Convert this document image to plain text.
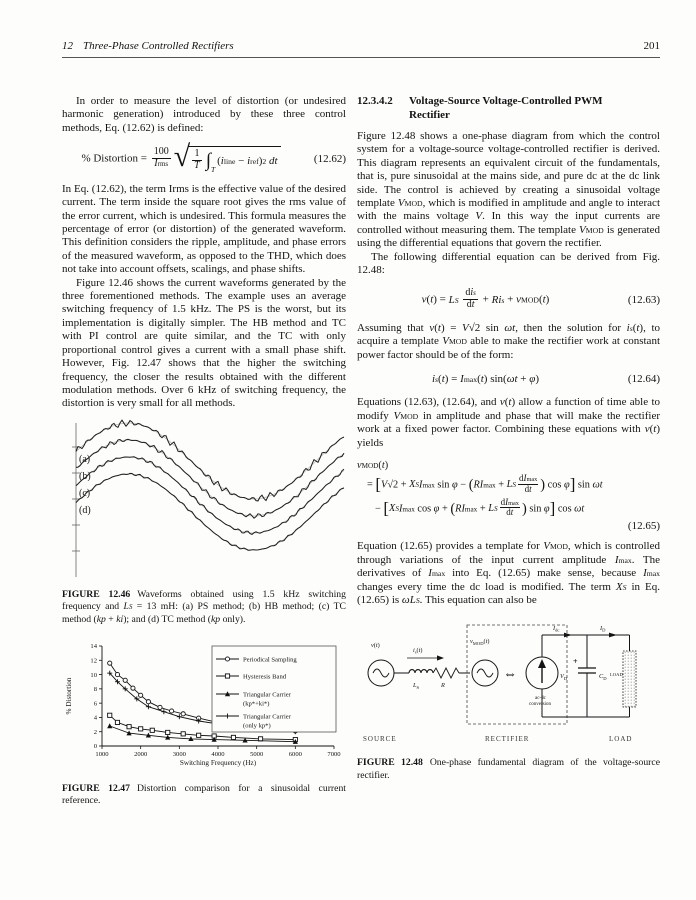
12 Three-Phase Controlled Rectifiers	201

In order to measure the level of distortion (or undesired harmonic generation) introduced by these three control methods, Eq. (12.62) is defined:

% Distortion = $\frac{100}{I_{rms}}$ √ $\frac{1}{T}$ ∫ T
$(i_{line} - i_{ref})^2$ dt	(12.62)

In Eq. (12.62), the term Irms is the effective value of the desired current. The term inside the square root gives the rms value of the error current, which is undesired. This formula measures the percentage of error (or distortion) of the generated waveform. This definition considers the ripple, amplitude, and phase errors of the measured waveform, as opposed to the THD, which does not take into account offsets, scalings, and phase shifts.

Figure 12.46 shows the current waveforms generated by the three forementioned methods. The example uses an average switching frequency of 1.5 kHz. The PS is the worst, but its implementation is digitally simpler. The HB method and TC with PI control are quite similar, and the TC with only proportional control gives a current with a small phase shift. However, Fig. 12.47 shows that the higher the switching frequency, the closer the results obtained with the different modulation methods. Over 6 kHz of switching frequency, the distortion is very small for all methods.

(a)
(b)
(c)
(d)

FIGURE 12.46 Waveforms obtained using 1.5 kHz switching frequency and $L_S = 13$ mH: (a) PS method; (b) HB method; (c) TC method (kp + ki); and (d) TC method (kp only).

1000	2000	3000	4000	5000	6000	7000
0
2
4
6
8
10
12
14
Periodical Sampling
Hysteresis Band
Triangular Carrier
(kp*+ki*)
Triangular Carrier
(only kp*)
Switching Frequency (Hz)
% Distortion

FIGURE 12.47 Distortion comparison for a sinusoidal current reference.

12.3.4.2	Voltage-Source Voltage-Controlled PWM
Rectifier

Figure 12.48 shows a one-phase diagram from which the control system for a voltage-source voltage-controlled rectifier is derived. This diagram represents an equivalent circuit of the fundamentals, that is, pure sinusoidal at the mains side, and pure dc at the dc link side. The control is achieved by creating a sinusoidal voltage template $V_{MOD}$, which is modified in amplitude and angle to interact with the mains voltage V. In this way the input currents are controlled without measuring them. The template $V_{MOD}$ is generated using the differential equations that govern the rectifier.

The following differential equation can be derived from Fig. 12.48:

$v(t) = L_S \frac{di_s}{dt} + Ri_s + v_{MOD}(t)$	(12.63)

Assuming that v(t) = V√2 sin ωt, then the solution for $i_s(t)$, to acquire a template $V_{MOD}$ able to make the rectifier work at constant power factor should be of the form:

$i_s(t) = I_{max}(t) \sin(\omega t + \varphi)$	(12.64)

Equations (12.63), (12.64), and v(t) allow a function of time able to modify $V_{MOD}$ in amplitude and phase that will make the rectifier work at a fixed power factor. Combining these equations with v(t) yields

$v_{MOD}(t)$
= [$V√2 + X_SI_{max}$ $\sin \varphi - (RI_{max} + L_S \frac{dI_{max}}{dt}$ ) cos φ] sin ωt
− [$X_SI_{max}$ $\cos \varphi + (RI_{max} + L_S \frac{dI_{max}}{dt}$ ) sin φ] cos ωt
(12.65)

Equation (12.65) provides a template for $V_{MOD}$, which is controlled through variations of the input current amplitude $I_{max}$. The derivatives of $I_{max}$ into Eq. (12.65) make sense, because $I_{max}$ changes every time the dc load is modified. The term $X_S$ in Eq. (12.65) is $\omega L_S$. This equation can also be

v(t)
$i_s(t)$
$L_S$	R
$v_{MOD}(t)$
⇔
ac-dc
conversion
$I_{dc}$	$I_D$
+
$V_D$	$C_D$
LOAD
SOURCE	RECTIFIER	LOAD

FIGURE 12.48 One-phase fundamental diagram of the voltage-source rectifier.
